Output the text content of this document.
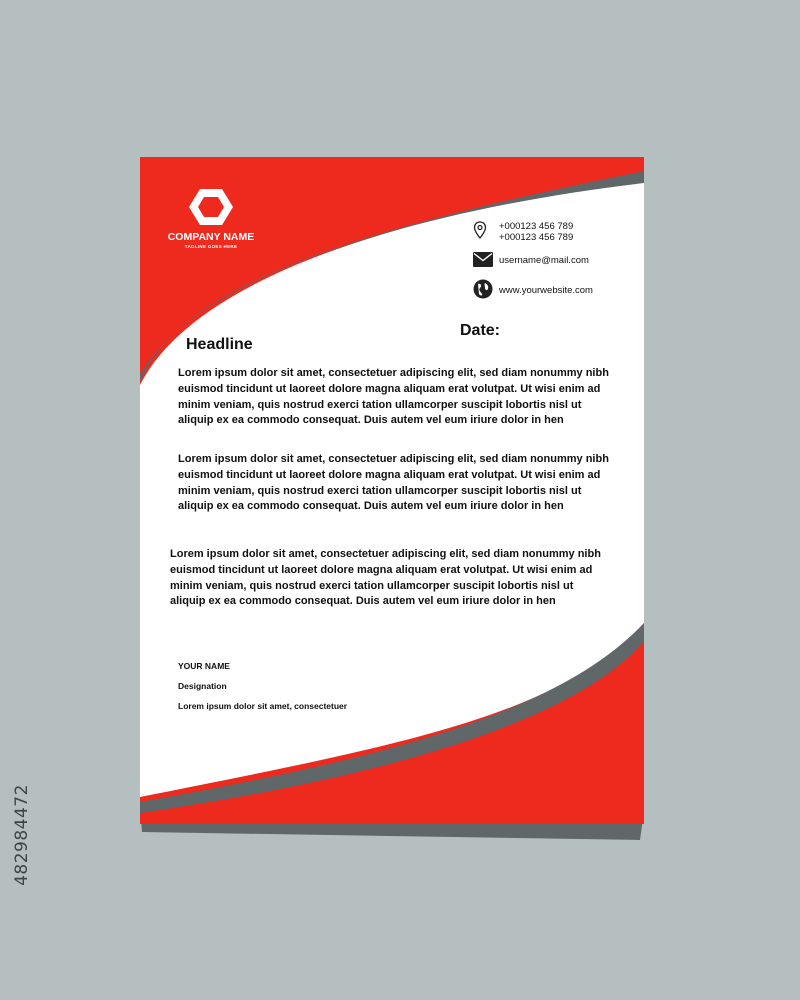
482984472
COMPANY NAME
TAGLINE GOES HERE
+000123 456 789
+000123 456 789
username@mail.com
www.yourwebsite.com
Date:
Headline

Lorem ipsum dolor sit amet, consectetuer adipiscing elit, sed diam nonummy nibh euismod tincidunt ut laoreet dolore magna aliquam erat volutpat. Ut wisi enim ad minim veniam, quis nostrud exerci tation ullamcorper suscipit lobortis nisl ut aliquip ex ea commodo consequat. Duis autem vel eum iriure dolor in hen

Lorem ipsum dolor sit amet, consectetuer adipiscing elit, sed diam nonummy nibh euismod tincidunt ut laoreet dolore magna aliquam erat volutpat. Ut wisi enim ad minim veniam, quis nostrud exerci tation ullamcorper suscipit lobortis nisl ut aliquip ex ea commodo consequat. Duis autem vel eum iriure dolor in hen

Lorem ipsum dolor sit amet, consectetuer adipiscing elit, sed diam nonummy nibh euismod tincidunt ut laoreet dolore magna aliquam erat volutpat. Ut wisi enim ad minim veniam, quis nostrud exerci tation ullamcorper suscipit lobortis nisl ut aliquip ex ea commodo consequat. Duis autem vel eum iriure dolor in hen

YOUR NAME
Designation
Lorem ipsum dolor sit amet, consectetuer
